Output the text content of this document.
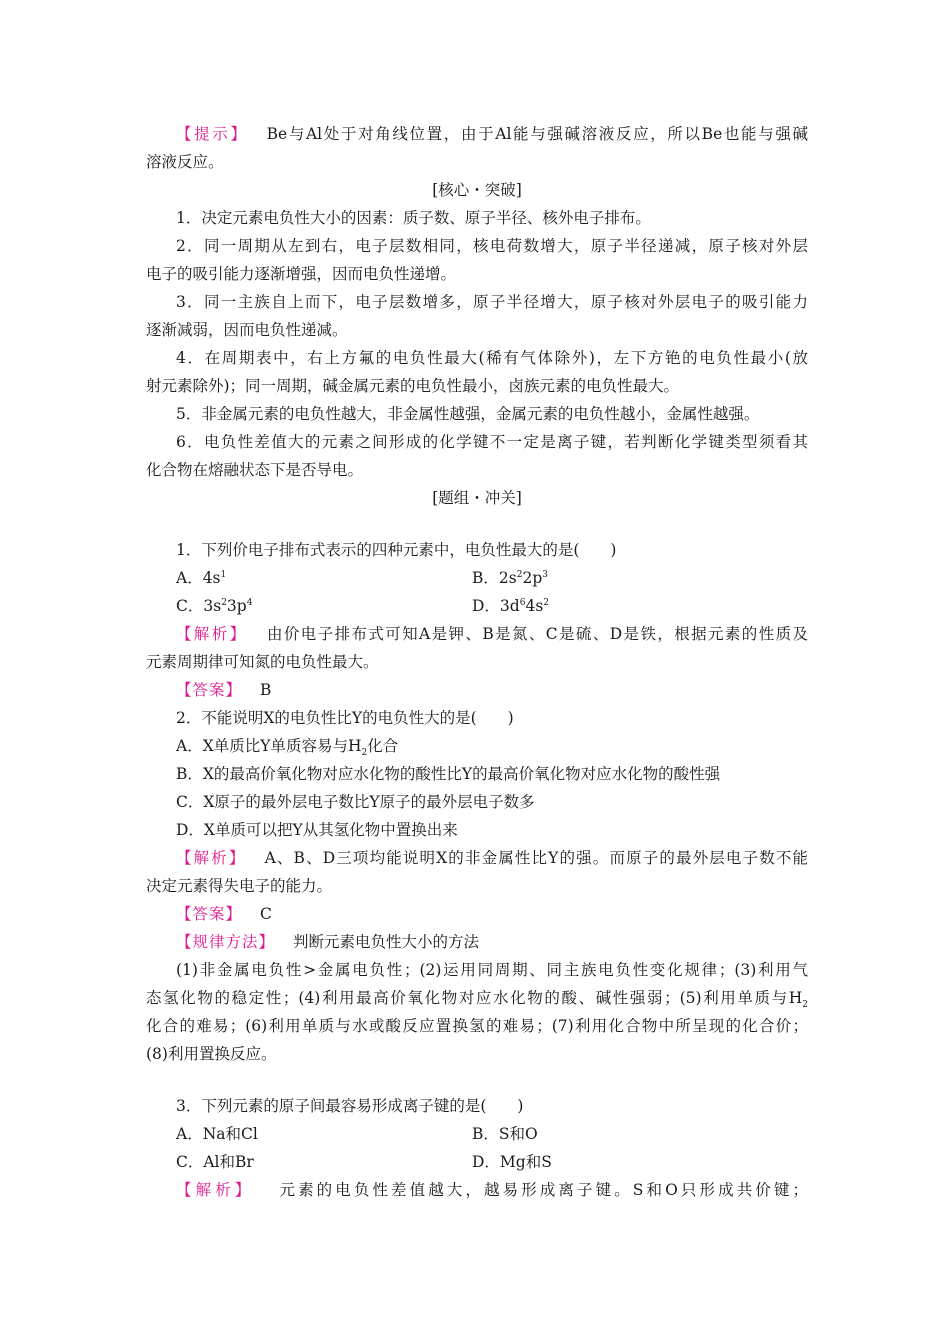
【提示】 Be与Al处于对角线位置，由于Al能与强碱溶液反应，所以Be也能与强碱
溶液反应。
[核心・突破]
1．决定元素电负性大小的因素：质子数、原子半径、核外电子排布。
2．同一周期从左到右，电子层数相同，核电荷数增大，原子半径递减，原子核对外层
电子的吸引能力逐渐增强，因而电负性递增。
3．同一主族自上而下，电子层数增多，原子半径增大，原子核对外层电子的吸引能力
逐渐减弱，因而电负性递减。
4．在周期表中，右上方氟的电负性最大(稀有气体除外)，左下方铯的电负性最小(放
射元素除外)；同一周期，碱金属元素的电负性最小，卤族元素的电负性最大。
5．非金属元素的电负性越大，非金属性越强，金属元素的电负性越小，金属性越强。
6．电负性差值大的元素之间形成的化学键不一定是离子键，若判断化学键类型须看其
化合物在熔融状态下是否导电。
[题组・冲关]
1．下列价电子排布式表示的四种元素中，电负性最大的是(　　)
A．$4s^1$	B．$2s^22p^3$
C．$3s^23p^4$	D．$3d^64s^2$
【解析】 由价电子排布式可知A是钾、B是氮、C是硫、D是铁，根据元素的性质及
元素周期律可知氮的电负性最大。
【答案】 B
2．不能说明X的电负性比Y的电负性大的是(　　)
A．X单质比Y单质容易与$H_2$化合
B．X的最高价氧化物对应水化物的酸性比Y的最高价氧化物对应水化物的酸性强
C．X原子的最外层电子数比Y原子的最外层电子数多
D．X单质可以把Y从其氢化物中置换出来
【解析】 A、B、D三项均能说明X的非金属性比Y的强。而原子的最外层电子数不能
决定元素得失电子的能力。
【答案】 C
【规律方法】 判断元素电负性大小的方法
(1)非金属电负性>金属电负性；(2)运用同周期、同主族电负性变化规律；(3)利用气
态氢化物的稳定性；(4)利用最高价氧化物对应水化物的酸、碱性强弱；(5)利用单质与$H_2$
化合的难易；(6)利用单质与水或酸反应置换氢的难易；(7)利用化合物中所呈现的化合价；
(8)利用置换反应。
3．下列元素的原子间最容易形成离子键的是(　　)
A．Na和Cl	B．S和O
C．Al和Br	D．Mg和S
【解析】 元素的电负性差值越大，越易形成离子键。S和O只形成共价键；
